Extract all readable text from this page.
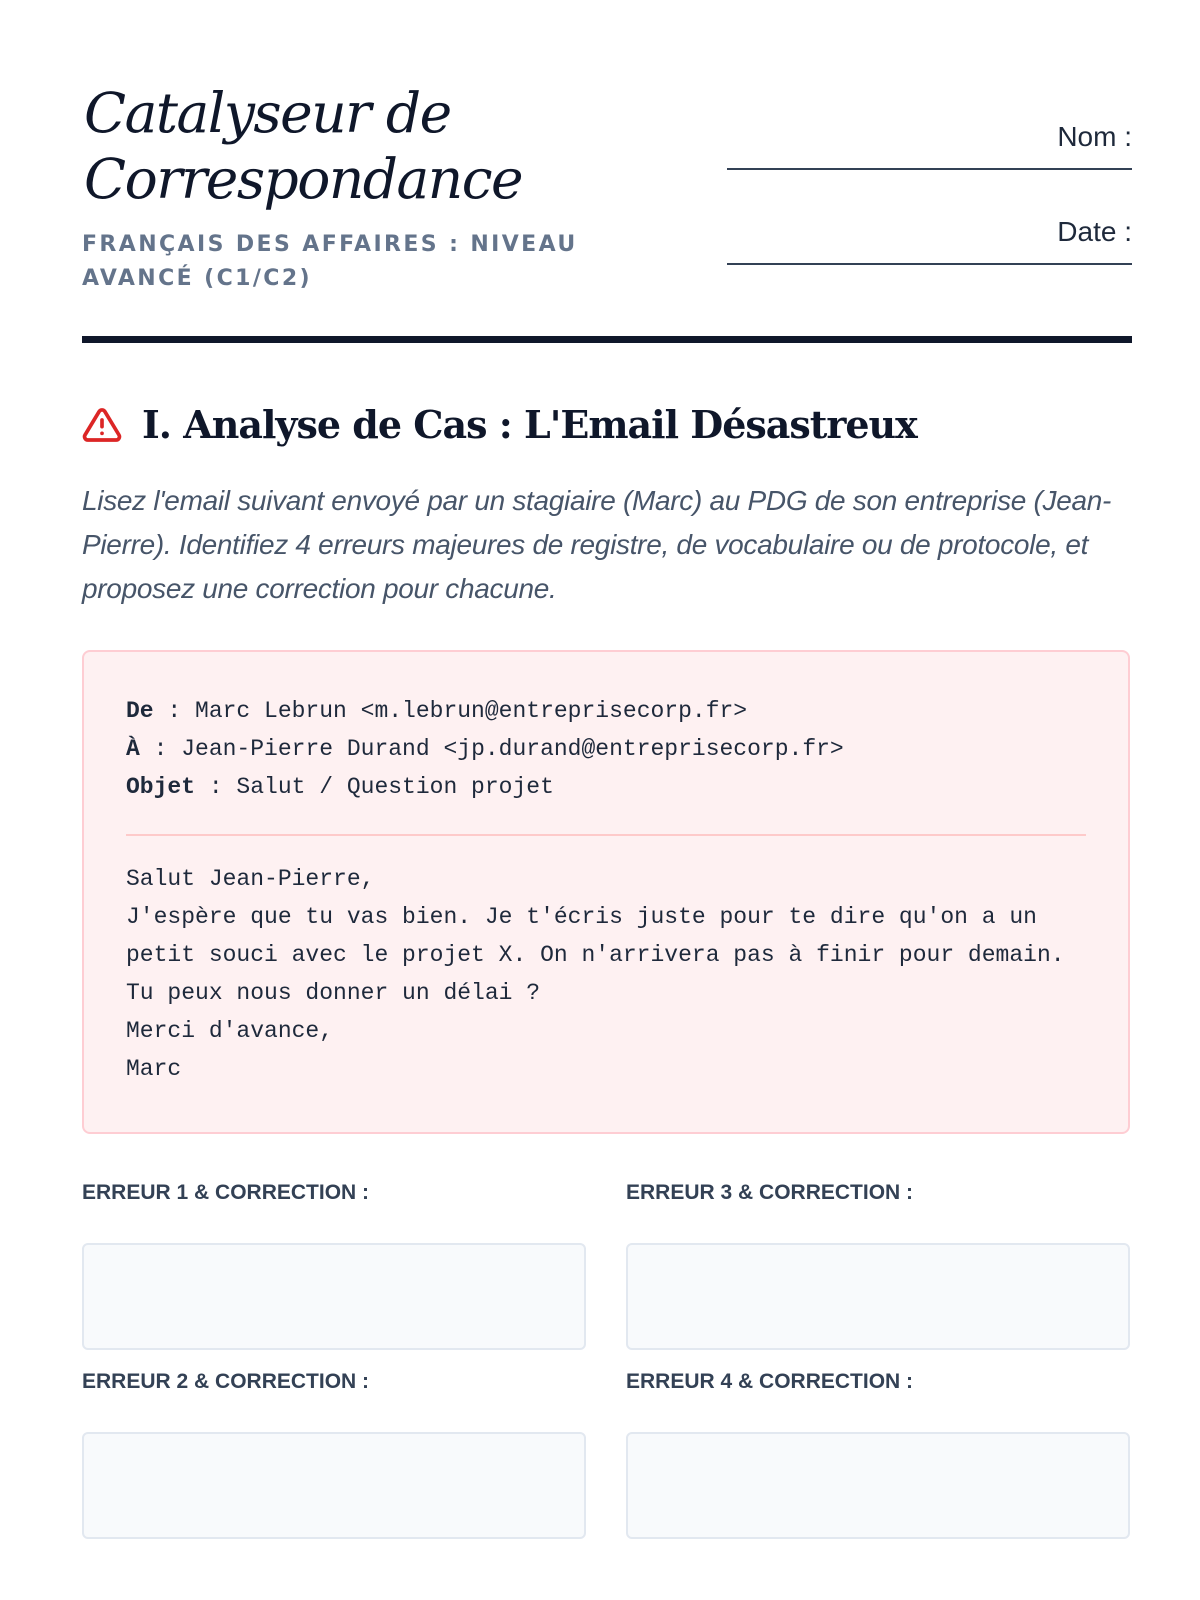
Catalyseur de
Correspondance
FRANÇAIS DES AFFAIRES : NIVEAU AVANCÉ (C1/C2)
Nom :
Date :
I. Analyse de Cas : L'Email Désastreux

Lisez l'email suivant envoyé par un stagiaire (Marc) au PDG de son entreprise (Jean-Pierre). Identifiez 4 erreurs majeures de registre, de vocabulaire ou de protocole, et proposez une correction pour chacune.

De : Marc Lebrun <m.lebrun@entreprisecorp.fr>
À : Jean-Pierre Durand <jp.durand@entreprisecorp.fr>
Objet : Salut / Question projet
Salut Jean-Pierre,
J'espère que tu vas bien. Je t'écris juste pour te dire qu'on a un
petit souci avec le projet X. On n'arrivera pas à finir pour demain.
Tu peux nous donner un délai ?
Merci d'avance,
Marc
ERREUR 1 & CORRECTION :	ERREUR 3 & CORRECTION :
ERREUR 2 & CORRECTION :	ERREUR 4 & CORRECTION :
